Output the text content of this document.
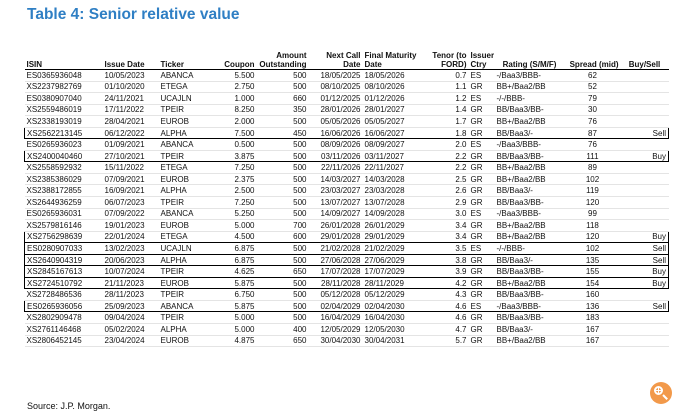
Table 4: Senior relative value
ISIN	Issue Date	Ticker	Coupon	Amount Outstanding	Next Call Date	Final Maturity Date	Tenor (to FORD)	Issuer Ctry	Rating (S/M/F)	Spread (mid)	Buy/Sell
ES0365936048	10/05/2023	ABANCA	5.500	500	18/05/2025	18/05/2026	0.7	ES	-/Baa3/BBB-	62	
XS2237982769	01/10/2020	ETEGA	2.750	500	08/10/2025	08/10/2026	1.1	GR	BB+/Baa2/BB	52	
ES0380907040	24/11/2021	UCAJLN	1.000	660	01/12/2025	01/12/2026	1.2	ES	-/-/BBB-	79	
XS2559486019	17/11/2022	TPEIR	8.250	350	28/01/2026	28/01/2027	1.4	GR	BB/Baa3/BB-	30	
XS2338193019	28/04/2021	EUROB	2.000	500	05/05/2026	05/05/2027	1.7	GR	BB+/Baa2/BB	76	
XS2562213145	06/12/2022	ALPHA	7.500	450	16/06/2026	16/06/2027	1.8	GR	BB/Baa3/-	87	Sell
ES0265936023	01/09/2021	ABANCA	0.500	500	08/09/2026	08/09/2027	2.0	ES	-/Baa3/BBB-	76	
XS2400040460	27/10/2021	TPEIR	3.875	500	03/11/2026	03/11/2027	2.2	GR	BB/Baa3/BB-	111	Buy
XS2558592932	15/11/2022	ETEGA	7.250	500	22/11/2026	22/11/2027	2.2	GR	BB+/Baa2/BB	89	
XS2385386029	07/09/2021	EUROB	2.375	500	14/03/2027	14/03/2028	2.5	GR	BB+/Baa2/BB	102	
XS2388172855	16/09/2021	ALPHA	2.500	500	23/03/2027	23/03/2028	2.6	GR	BB/Baa3/-	119	
XS2644936259	06/07/2023	TPEIR	7.250	500	13/07/2027	13/07/2028	2.9	GR	BB/Baa3/BB-	120	
ES0265936031	07/09/2022	ABANCA	5.250	500	14/09/2027	14/09/2028	3.0	ES	-/Baa3/BBB-	99	
XS2579816146	19/01/2023	EUROB	5.000	700	26/01/2028	26/01/2029	3.4	GR	BB+/Baa2/BB	118	
XS2756298639	22/01/2024	ETEGA	4.500	600	29/01/2028	29/01/2029	3.4	GR	BB+/Baa2/BB	120	Buy
ES0280907033	13/02/2023	UCAJLN	6.875	500	21/02/2028	21/02/2029	3.5	ES	-/-/BBB-	102	Sell
XS2640904319	20/06/2023	ALPHA	6.875	500	27/06/2028	27/06/2029	3.8	GR	BB/Baa3/-	135	Sell
XS2845167613	10/07/2024	TPEIR	4.625	650	17/07/2028	17/07/2029	3.9	GR	BB/Baa3/BB-	155	Buy
XS2724510792	21/11/2023	EUROB	5.875	500	28/11/2028	28/11/2029	4.2	GR	BB+/Baa2/BB	154	Buy
XS2728486536	28/11/2023	TPEIR	6.750	500	05/12/2028	05/12/2029	4.3	GR	BB/Baa3/BB-	160	
ES0265936056	25/09/2023	ABANCA	5.875	500	02/04/2029	02/04/2030	4.6	ES	-/Baa3/BBB-	136	Sell
XS2802909478	09/04/2024	TPEIR	5.000	500	16/04/2029	16/04/2030	4.6	GR	BB/Baa3/BB-	183	
XS2761146468	05/02/2024	ALPHA	5.000	400	12/05/2029	12/05/2030	4.7	GR	BB/Baa3/-	167	
XS2806452145	23/04/2024	EUROB	4.875	650	30/04/2030	30/04/2031	5.7	GR	BB+/Baa2/BB	167	
Source: J.P. Morgan.
